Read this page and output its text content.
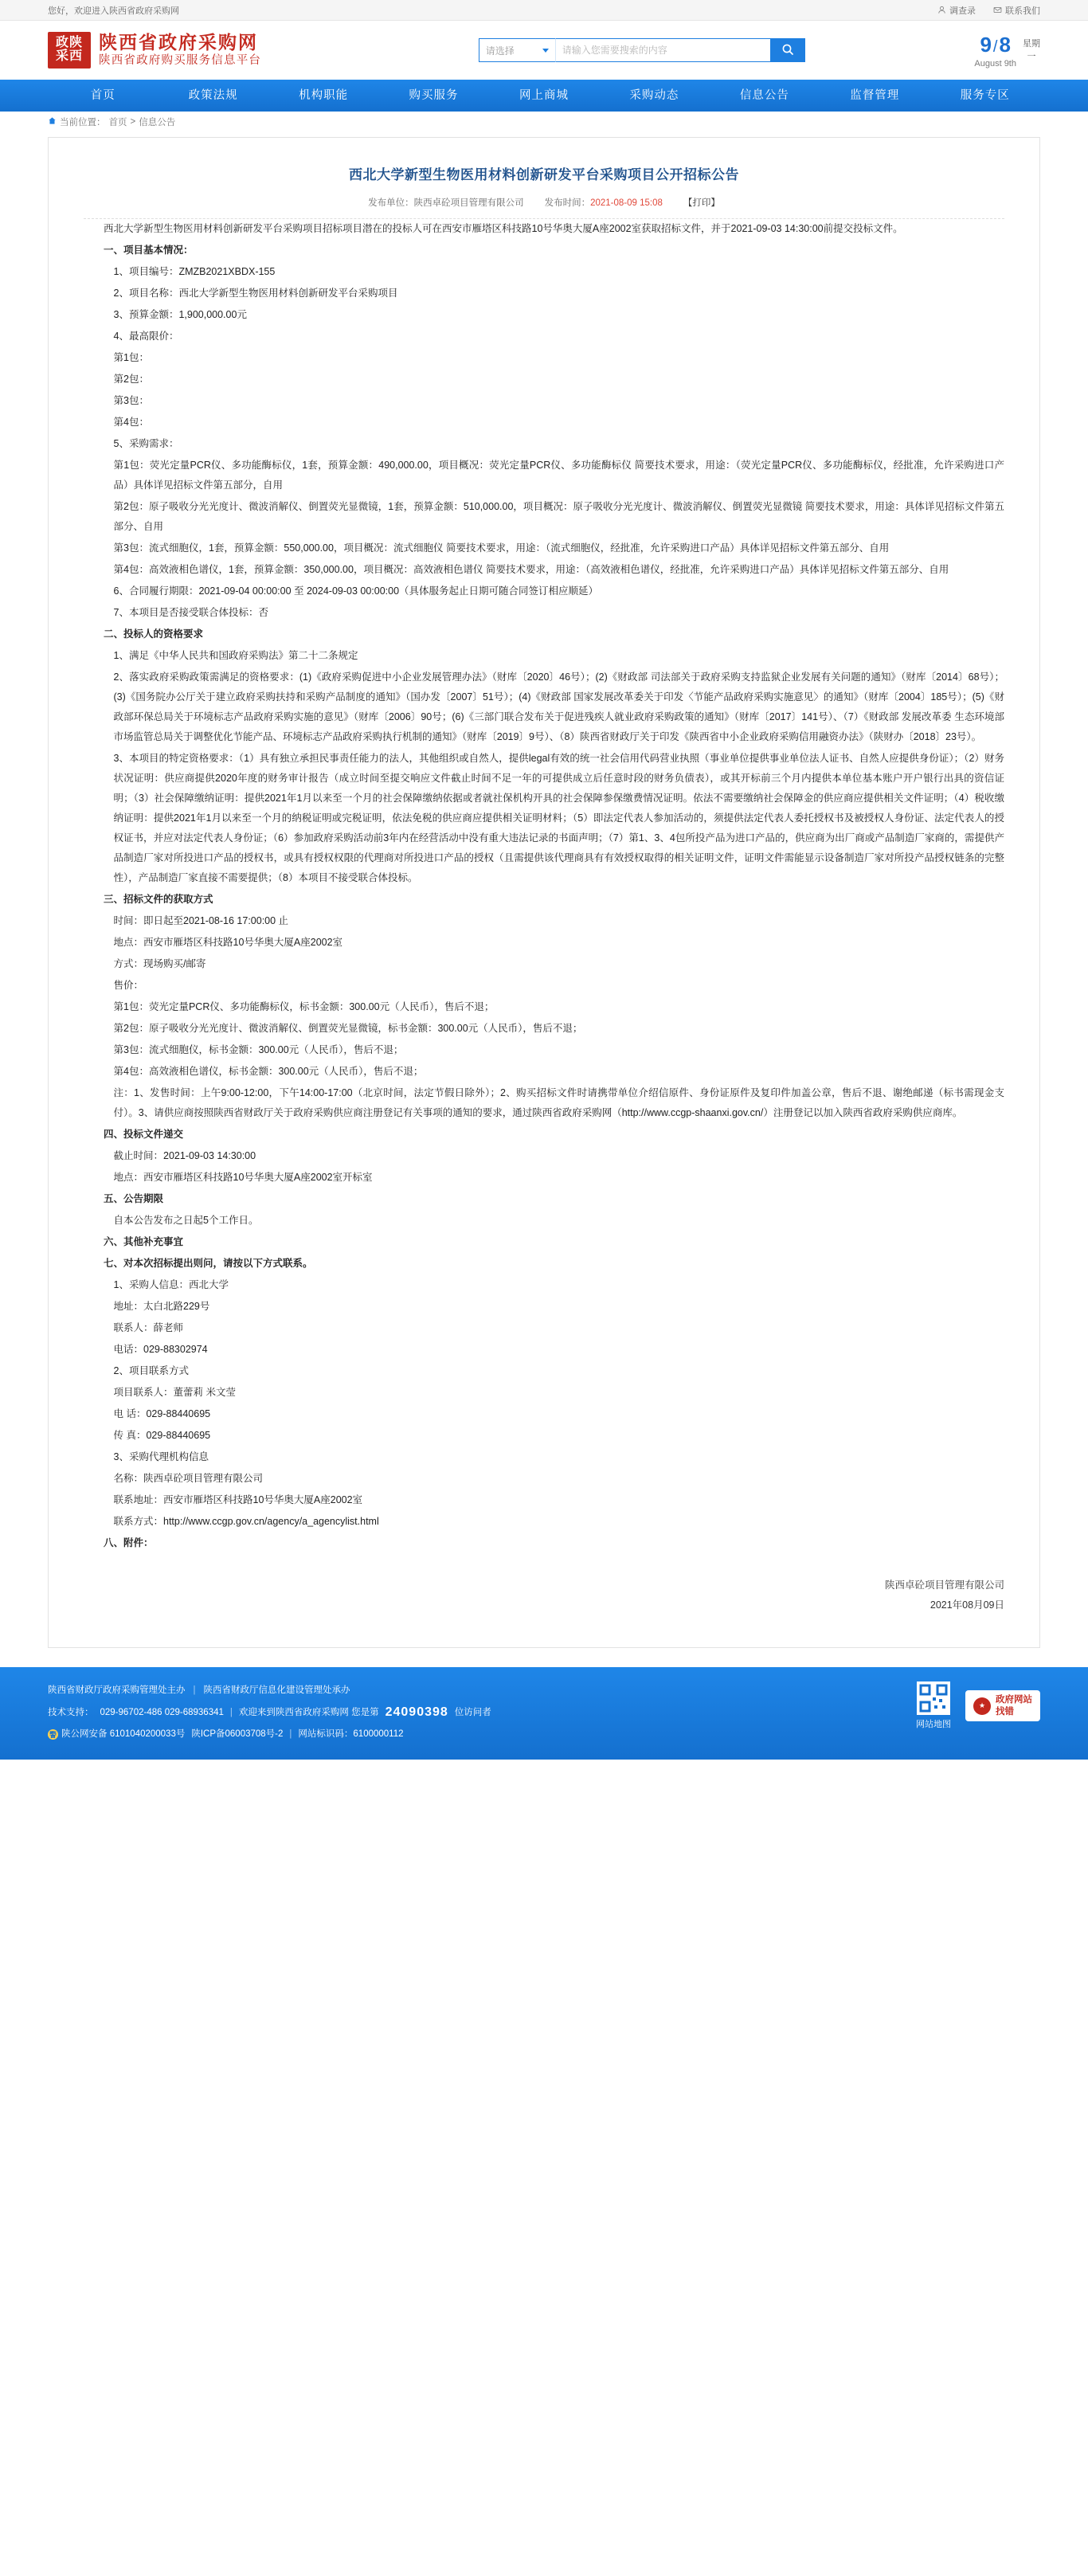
您好，欢迎进入陕西省政府采购网	调查录	联系我们
政陕
采西
陕西省政府采购网
陕西省政府购买服务信息平台
请选择
请输入您需要搜索的内容	9 / 8
August 9th
星期
一
首页	政策法规	机构职能	购买服务	网上商城	采购动态	信息公告	监督管理	服务专区
当前位置： 首页 > 信息公告
西北大学新型生物医用材料创新研发平台采购项目公开招标公告
发布单位：陕西卓砼项目管理有限公司 发布时间：2021-08-09 15:08 【打印】

西北大学新型生物医用材料创新研发平台采购项目招标项目潜在的投标人可在西安市雁塔区科技路10号华奥大厦A座2002室获取招标文件，并于2021-09-03 14:30:00前提交投标文件。

一、项目基本情况：

1、项目编号：ZMZB2021XBDX-155

2、项目名称：西北大学新型生物医用材料创新研发平台采购项目

3、预算金额：1,900,000.00元

4、最高限价：

第1包：

第2包：

第3包：

第4包：

5、采购需求：

第1包：荧光定量PCR仪、多功能酶标仪，1套，预算金额：490,000.00，项目概况：荧光定量PCR仪、多功能酶标仪 简要技术要求，用途：（荧光定量PCR仪、多功能酶标仪，经批准，允许采购进口产品）具体详见招标文件第五部分，自用

第2包：原子吸收分光光度计、微波消解仪、倒置荧光显微镜，1套，预算金额：510,000.00，项目概况：原子吸收分光光度计、微波消解仪、倒置荧光显微镜 简要技术要求，用途：具体详见招标文件第五部分、自用

第3包：流式细胞仪，1套，预算金额：550,000.00，项目概况：流式细胞仪 简要技术要求，用途：（流式细胞仪，经批准，允许采购进口产品）具体详见招标文件第五部分、自用

第4包：高效液相色谱仪，1套，预算金额：350,000.00，项目概况：高效液相色谱仪 简要技术要求，用途：（高效液相色谱仪，经批准，允许采购进口产品）具体详见招标文件第五部分、自用

6、合同履行期限：2021-09-04 00:00:00 至 2024-09-03 00:00:00（具体服务起止日期可随合同签订相应顺延）

7、本项目是否接受联合体投标：否

二、投标人的资格要求

1、满足《中华人民共和国政府采购法》第二十二条规定

2、落实政府采购政策需满足的资格要求：(1)《政府采购促进中小企业发展管理办法》（财库〔2020〕46号）；(2)《财政部 司法部关于政府采购支持监狱企业发展有关问题的通知》（财库〔2014〕68号）；(3)《国务院办公厅关于建立政府采购扶持和采购产品制度的通知》（国办发〔2007〕51号）；(4)《财政部 国家发展改革委关于印发〈节能产品政府采购实施意见〉的通知》（财库〔2004〕185号）；(5)《财政部环保总局关于环境标志产品政府采购实施的意见》（财库〔2006〕90号；(6)《三部门联合发布关于促进残疾人就业政府采购政策的通知》（财库〔2017〕141号）、（7）《财政部 发展改革委 生态环境部 市场监管总局关于调整优化节能产品、环境标志产品政府采购执行机制的通知》（财库〔2019〕9号）、（8）陕西省财政厅关于印发《陕西省中小企业政府采购信用融资办法》（陕财办〔2018〕23号）。

3、本项目的特定资格要求：（1）具有独立承担民事责任能力的法人，其他组织或自然人，提供legal有效的统一社会信用代码营业执照（事业单位提供事业单位法人证书、自然人应提供身份证）；（2）财务状况证明：供应商提供2020年度的财务审计报告（成立时间至提交响应文件截止时间不足一年的可提供成立后任意时段的财务负债表），或其开标前三个月内提供本单位基本账户开户银行出具的资信证明；（3）社会保障缴纳证明：提供2021年1月以来至一个月的社会保障缴纳依据或者就社保机构开具的社会保障参保缴费情况证明。依法不需要缴纳社会保障金的供应商应提供相关文件证明；（4）税收缴纳证明：提供2021年1月以来至一个月的纳税证明或完税证明，依法免税的供应商应提供相关证明材料；（5）即法定代表人参加活动的，须提供法定代表人委托授权书及被授权人身份证、法定代表人的授权证书，并应对法定代表人身份证；（6）参加政府采购活动前3年内在经营活动中没有重大违法记录的书面声明；（7）第1、3、4包所投产品为进口产品的，供应商为出厂商或产品制造厂家商的，需提供产品制造厂家对所投进口产品的授权书，或具有授权权限的代理商对所投进口产品的授权（且需提供该代理商具有有效授权取得的相关证明文件，证明文件需能显示设备制造厂家对所投产品授权链条的完整性），产品制造厂家直接不需要提供；（8）本项目不接受联合体投标。

三、招标文件的获取方式

时间：即日起至2021-08-16 17:00:00 止

地点：西安市雁塔区科技路10号华奥大厦A座2002室

方式：现场购买/邮寄

售价：

第1包：荧光定量PCR仪、多功能酶标仪，标书金额：300.00元（人民币），售后不退；

第2包：原子吸收分光光度计、微波消解仪、倒置荧光显微镜，标书金额：300.00元（人民币），售后不退；

第3包：流式细胞仪，标书金额：300.00元（人民币），售后不退；

第4包：高效液相色谱仪，标书金额：300.00元（人民币），售后不退；

注：1、发售时间：上午9:00-12:00，下午14:00-17:00（北京时间，法定节假日除外）；2、购买招标文件时请携带单位介绍信原件、身份证原件及复印件加盖公章，售后不退、谢绝邮递（标书需现金支付）。3、请供应商按照陕西省财政厅关于政府采购供应商注册登记有关事项的通知的要求，通过陕西省政府采购网（http://www.ccgp-shaanxi.gov.cn/）注册登记以加入陕西省政府采购供应商库。

四、投标文件递交

截止时间：2021-09-03 14:30:00

地点：西安市雁塔区科技路10号华奥大厦A座2002室开标室

五、公告期限

自本公告发布之日起5个工作日。

六、其他补充事宜

七、对本次招标提出则问，请按以下方式联系。

1、采购人信息：西北大学

地址：太白北路229号

联系人：薛老师

电话：029-88302974

2、项目联系方式

项目联系人：董蕾莉 米文莹

电 话：029-88440695

传 真：029-88440695

3、采购代理机构信息

名称：陕西卓砼项目管理有限公司

联系地址：西安市雁塔区科技路10号华奥大厦A座2002室

联系方式：http://www.ccgp.gov.cn/agency/a_agencylist.html

八、附件：

陕西卓砼项目管理有限公司
2021年08月09日
陕西省财政厅政府采购管理处主办 | 陕西省财政厅信息化建设管理处承办
技术支持： 029-96702-486 029-68936341 | 欢迎来到陕西省政府采购网 您是第 24090398 位访问者
警 陕公网安备 6101040200033号 陕ICP备06003708号-2 | 网站标识码：6100000112
网站地图
★
政府网站
找错
